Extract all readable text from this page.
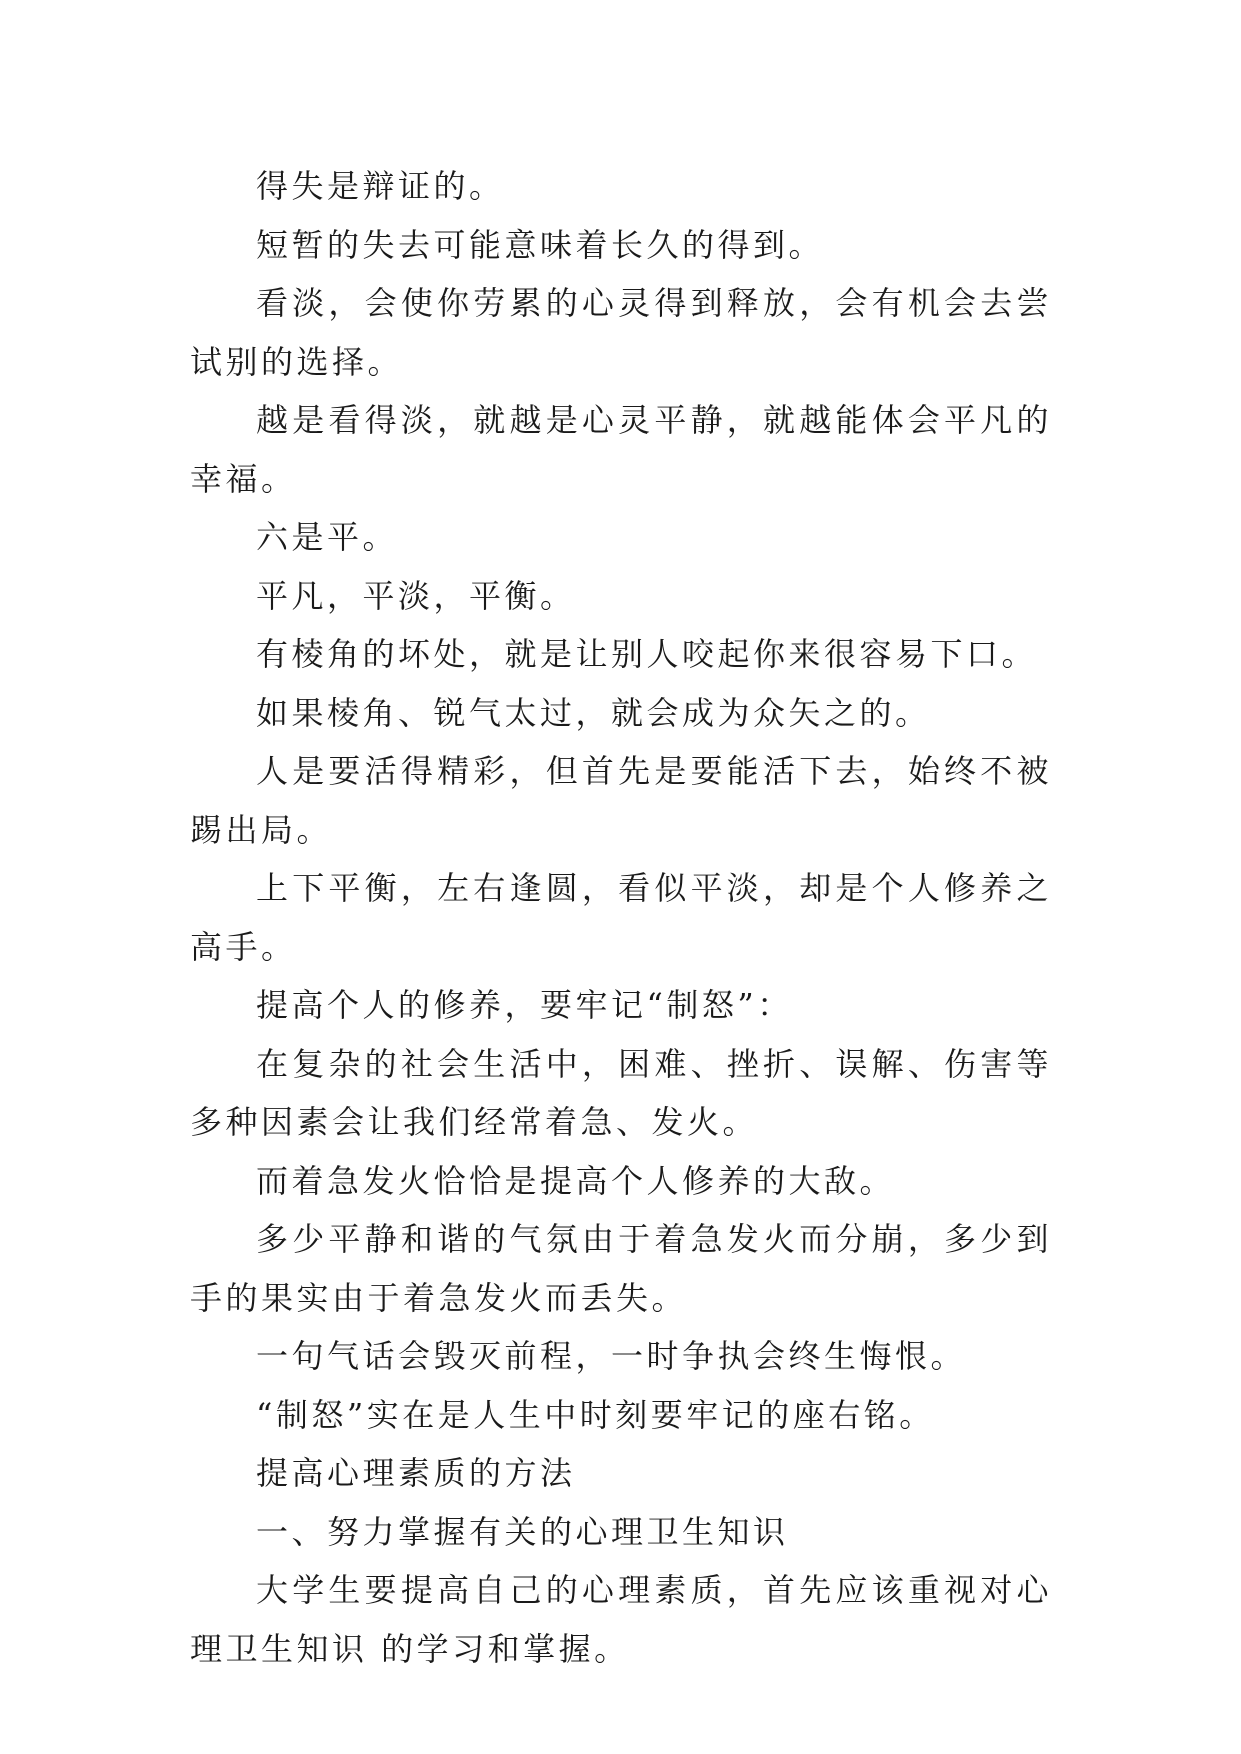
得失是辩证的。

短暂的失去可能意味着长久的得到。

看淡，会使你劳累的心灵得到释放，会有机会去尝试别的选择。

越是看得淡，就越是心灵平静，就越能体会平凡的幸福。

六是平。

平凡，平淡，平衡。

有棱角的坏处，就是让别人咬起你来很容易下口。

如果棱角、锐气太过，就会成为众矢之的。

人是要活得精彩，但首先是要能活下去，始终不被踢出局。

上下平衡，左右逢圆，看似平淡，却是个人修养之高手。

提高个人的修养，要牢记“制怒”：

在复杂的社会生活中，困难、挫折、误解、伤害等多种因素会让我们经常着急、发火。

而着急发火恰恰是提高个人修养的大敌。

多少平静和谐的气氛由于着急发火而分崩，多少到手的果实由于着急发火而丢失。

一句气话会毁灭前程，一时争执会终生悔恨。

“制怒”实在是人生中时刻要牢记的座右铭。

提高心理素质的方法

一、努力掌握有关的心理卫生知识

大学生要提高自己的心理素质，首先应该重视对心理卫生知识 的学习和掌握。
